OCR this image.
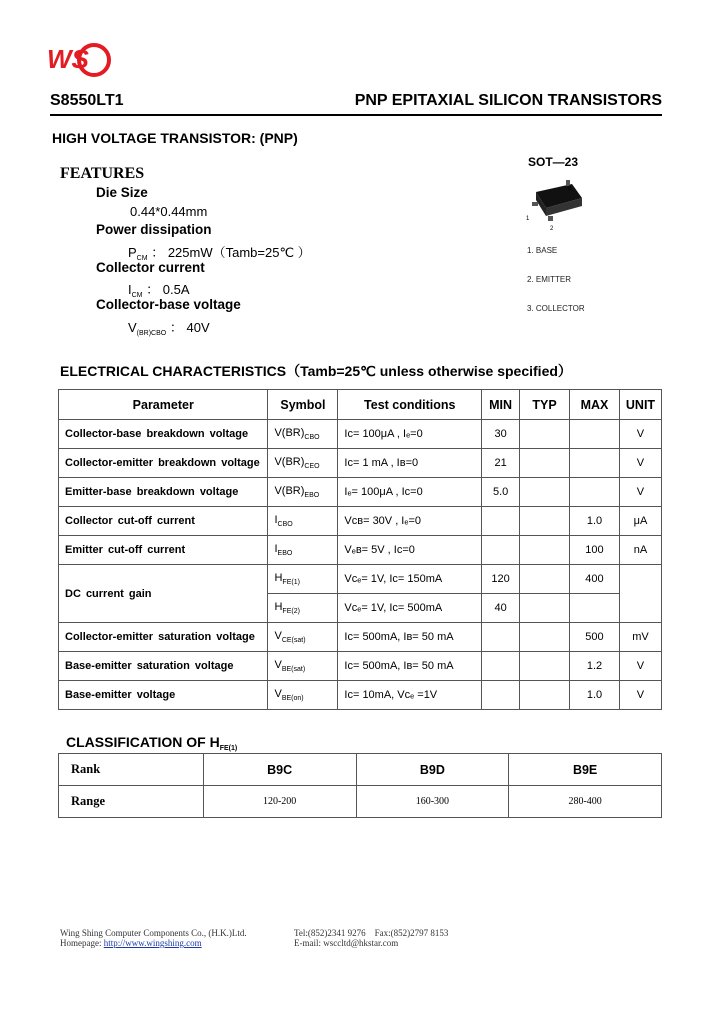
WS
S8550LT1	PNP EPITAXIAL SILICON TRANSISTORS
HIGH VOLTAGE TRANSISTOR: (PNP)
FEATURES
Die Size
0.44*0.44mm
Power dissipation
$P_{CM}$ ： 225mW（Tamb=25℃ ）
Collector current
$I_{CM}$ ： 0.5A
Collector-base voltage
$V_{(BR)CBO}$ ： 40V
SOT—23
3
1
2
1. BASE
2. EMITTER
3. COLLECTOR
ELECTRICAL CHARACTERISTICS（Tamb=25℃ unless otherwise specified）
Parameter	Symbol	Test conditions	MIN	TYP	MAX	UNIT
Collector-base breakdown voltage	$V(BR)_{CBO}$	Ic= 100μA , Iₑ=0	30			V
Collector-emitter breakdown voltage	$V(BR)_{CEO}$	Ic= 1 mA , Iʙ=0	21			V
Emitter-base breakdown voltage	$V(BR)_{EBO}$	Iₑ= 100μA , Ic=0	5.0			V
Collector cut-off current	$I_{CBO}$	Vᴄʙ= 30V , Iₑ=0			1.0	μA
Emitter cut-off current	$I_{EBO}$	Vₑʙ= 5V , Ic=0			100	nA
DC current gain	$H_{FE(1)}$	Vᴄₑ= 1V, Ic= 150mA	120		400	
	$H_{FE(2)}$	Vᴄₑ= 1V, Ic= 500mA	40			
Collector-emitter saturation voltage	$V_{CE(sat)}$	Ic= 500mA, Iʙ= 50 mA			500	mV
Base-emitter saturation voltage	$V_{BE(sat)}$	Ic= 500mA, Iʙ= 50 mA			1.2	V
Base-emitter voltage	$V_{BE(on)}$	Ic= 10mA, Vᴄₑ =1V			1.0	V
CLASSIFICATION OF $H_{FE(1)}$
Rank	B9C	B9D	B9E
Range	120-200	160-300	280-400
Wing Shing Computer Components Co., (H.K.)Ltd.
Homepage: http://www.wingshing.com
Tel:(852)2341 9276 Fax:(852)2797 8153
E-mail: wsccltd@hkstar.com
